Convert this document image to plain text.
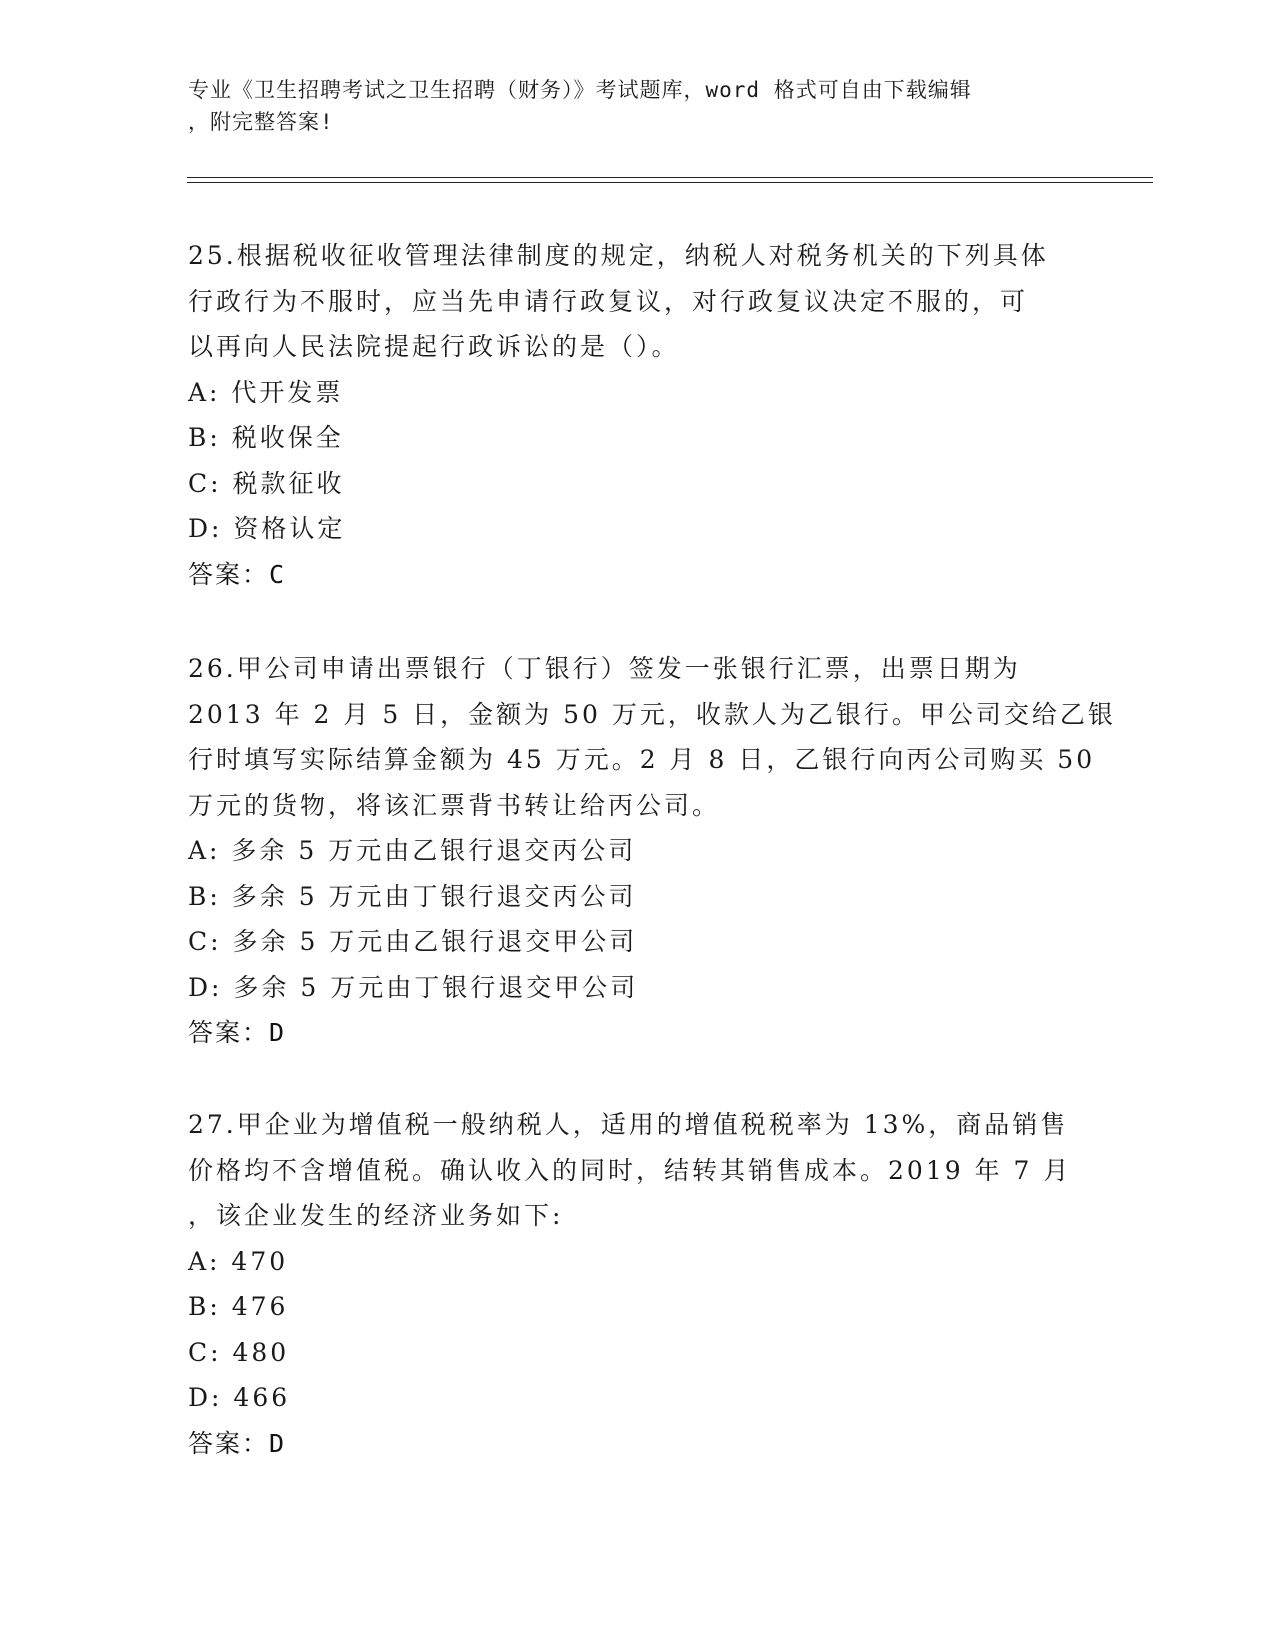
专业《卫生招聘考试之卫生招聘（财务）》考试题库，word 格式可自由下载编辑
，附完整答案!
25.根据税收征收管理法律制度的规定，纳税人对税务机关的下列具体
行政行为不服时，应当先申请行政复议，对行政复议决定不服的，可
以再向人民法院提起行政诉讼的是（）。
A: 代开发票
B: 税收保全
C: 税款征收
D: 资格认定
答案：C
26.甲公司申请出票银行（丁银行）签发一张银行汇票，出票日期为
2013 年 2 月 5 日，金额为 50 万元，收款人为乙银行。甲公司交给乙银
行时填写实际结算金额为 45 万元。2 月 8 日，乙银行向丙公司购买 50
万元的货物，将该汇票背书转让给丙公司。
A: 多余 5 万元由乙银行退交丙公司
B: 多余 5 万元由丁银行退交丙公司
C: 多余 5 万元由乙银行退交甲公司
D: 多余 5 万元由丁银行退交甲公司
答案：D
27.甲企业为增值税一般纳税人，适用的增值税税率为 13%，商品销售
价格均不含增值税。确认收入的同时，结转其销售成本。2019 年 7 月
，该企业发生的经济业务如下:
A: 470
B: 476
C: 480
D: 466
答案：D
